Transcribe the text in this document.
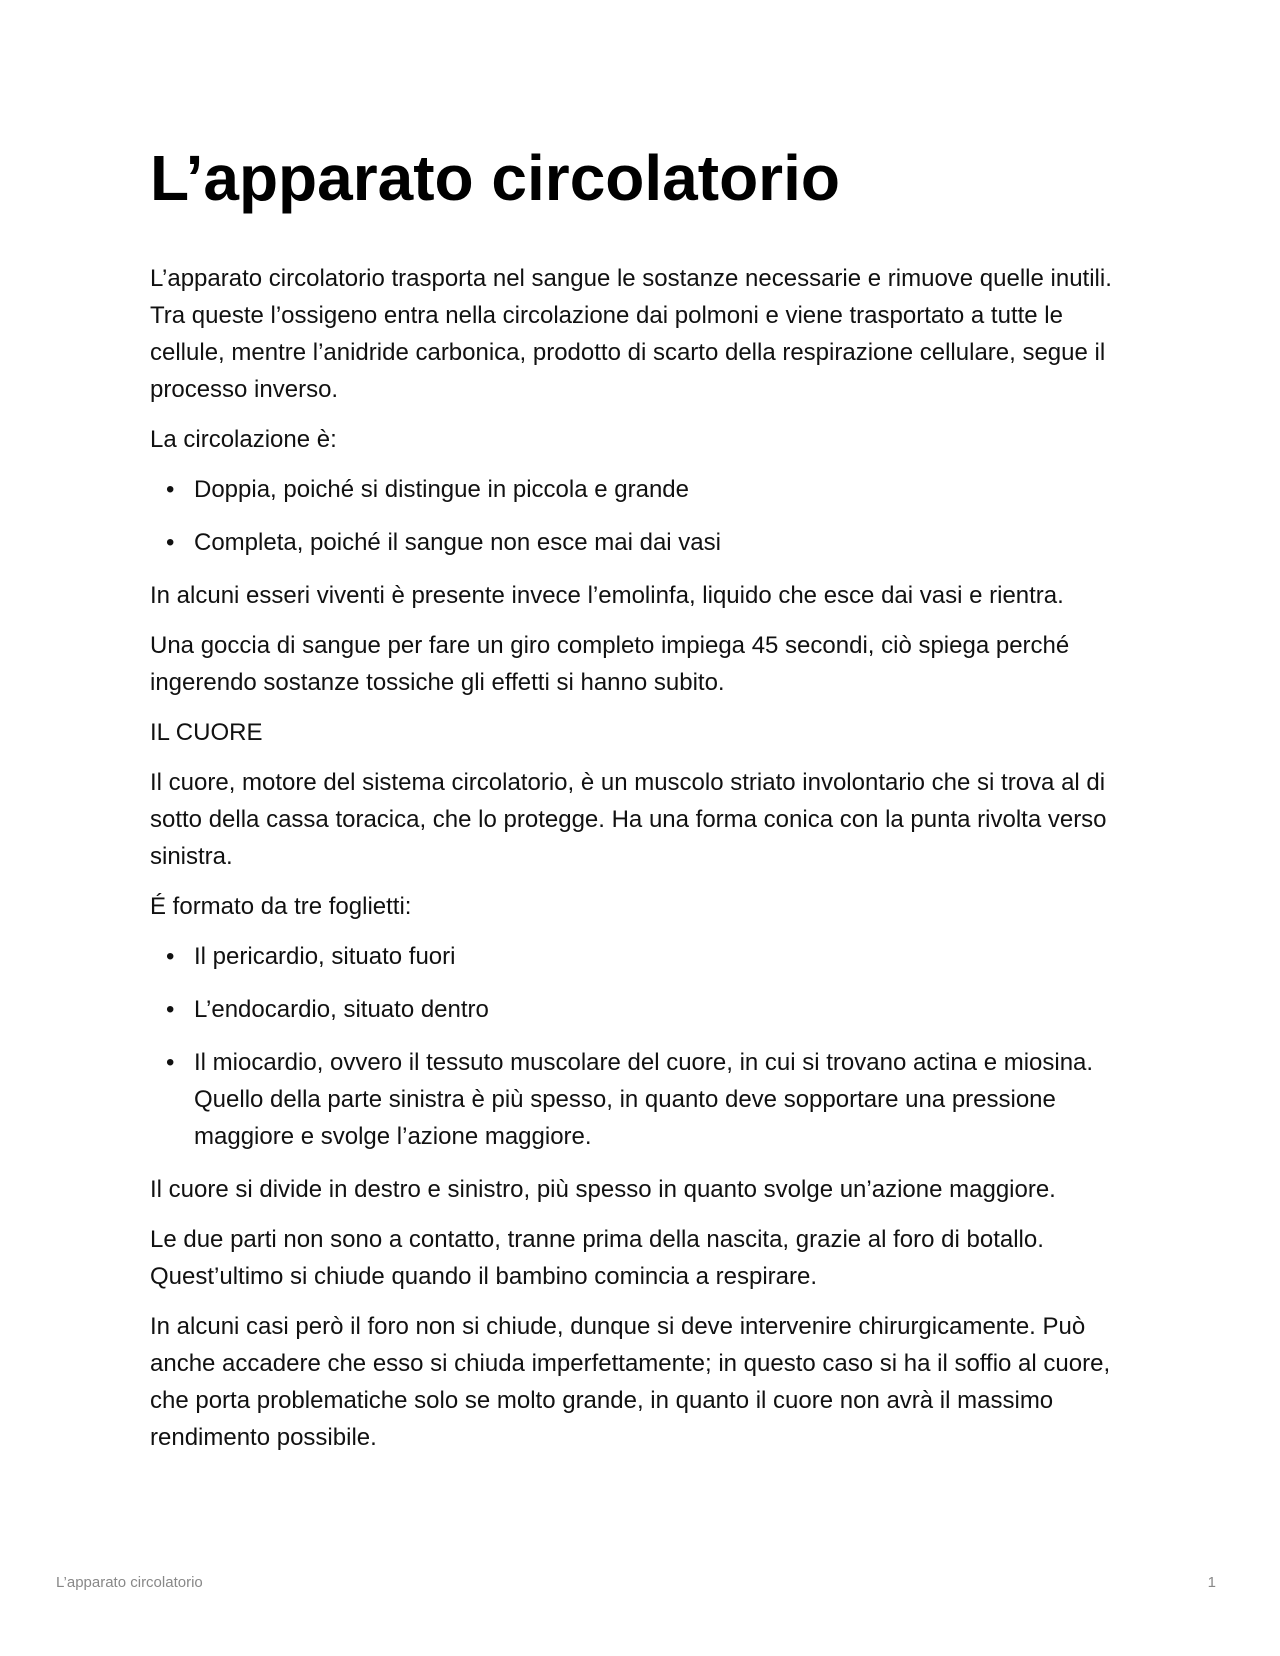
L’apparato circolatorio

L’apparato circolatorio trasporta nel sangue le sostanze necessarie e rimuove quelle inutili. Tra queste l’ossigeno entra nella circolazione dai polmoni e viene trasportato a tutte le cellule, mentre l’anidride carbonica, prodotto di scarto della respirazione cellulare, segue il processo inverso.

La circolazione è:

• Doppia, poiché si distingue in piccola e grande
• Completa, poiché il sangue non esce mai dai vasi

In alcuni esseri viventi è presente invece l’emolinfa, liquido che esce dai vasi e rientra.

Una goccia di sangue per fare un giro completo impiega 45 secondi, ciò spiega perché ingerendo sostanze tossiche gli effetti si hanno subito.

IL CUORE

Il cuore, motore del sistema circolatorio, è un muscolo striato involontario che si trova al di sotto della cassa toracica, che lo protegge. Ha una forma conica con la punta rivolta verso sinistra.

É formato da tre foglietti:

• Il pericardio, situato fuori
• L’endocardio, situato dentro
• Il miocardio, ovvero il tessuto muscolare del cuore, in cui si trovano actina e miosina. Quello della parte sinistra è più spesso, in quanto deve sopportare una pressione maggiore e svolge l’azione maggiore.

Il cuore si divide in destro e sinistro, più spesso in quanto svolge un’azione maggiore.

Le due parti non sono a contatto, tranne prima della nascita, grazie al foro di botallo. Quest’ultimo si chiude quando il bambino comincia a respirare.

In alcuni casi però il foro non si chiude, dunque si deve intervenire chirurgicamente. Può anche accadere che esso si chiuda imperfettamente; in questo caso si ha il soffio al cuore, che porta problematiche solo se molto grande, in quanto il cuore non avrà il massimo rendimento possibile.

L’apparato circolatorio	1
